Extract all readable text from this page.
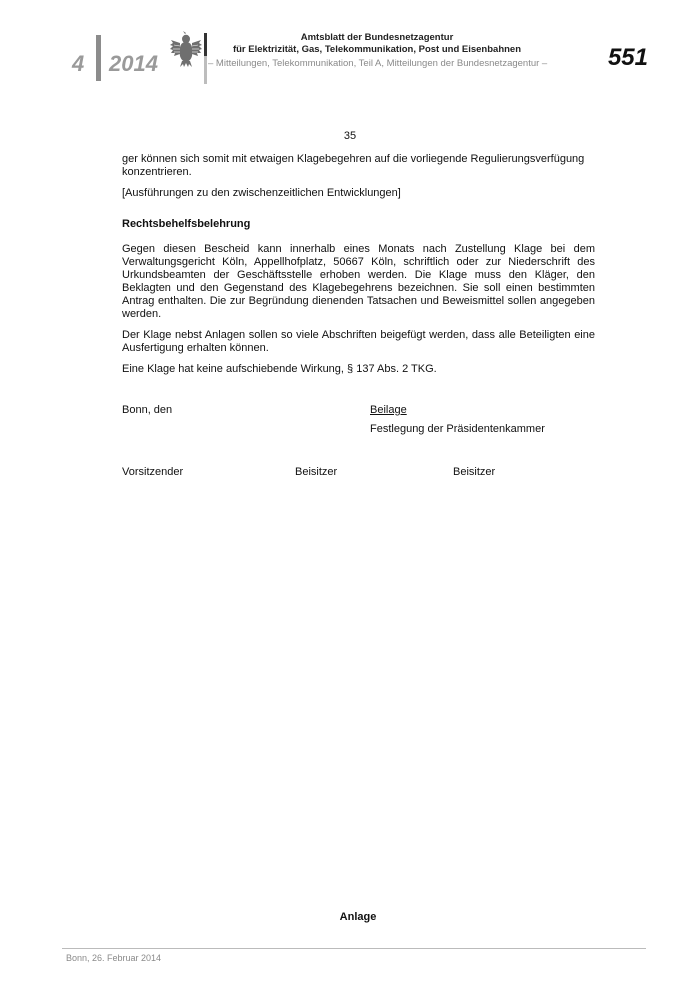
4	2014
Amtsblatt der Bundesnetzagentur
für Elektrizität, Gas, Telekommunikation, Post und Eisenbahnen
– Mitteilungen, Telekommunikation, Teil A, Mitteilungen der Bundesnetzagentur –	551
35

ger können sich somit mit etwaigen Klagebegehren auf die vorliegende Regulierungsverfügung konzentrieren.

[Ausführungen zu den zwischenzeitlichen Entwicklungen]

Rechtsbehelfsbelehrung

Gegen diesen Bescheid kann innerhalb eines Monats nach Zustellung Klage bei dem Verwaltungsgericht Köln, Appellhofplatz, 50667 Köln, schriftlich oder zur Niederschrift des Urkundsbeamten der Geschäftsstelle erhoben werden. Die Klage muss den Kläger, den Beklagten und den Gegenstand des Klagebegehrens bezeichnen. Sie soll einen bestimmten Antrag enthalten. Die zur Begründung dienenden Tatsachen und Beweismittel sollen angegeben werden.

Der Klage nebst Anlagen sollen so viele Abschriften beigefügt werden, dass alle Beteiligten eine Ausfertigung erhalten können.

Eine Klage hat keine aufschiebende Wirkung, § 137 Abs. 2 TKG.

Bonn, den	Beilage
Festlegung der Präsidentenkammer
Vorsitzender	Beisitzer	Beisitzer
Anlage
Bonn, 26. Februar 2014
